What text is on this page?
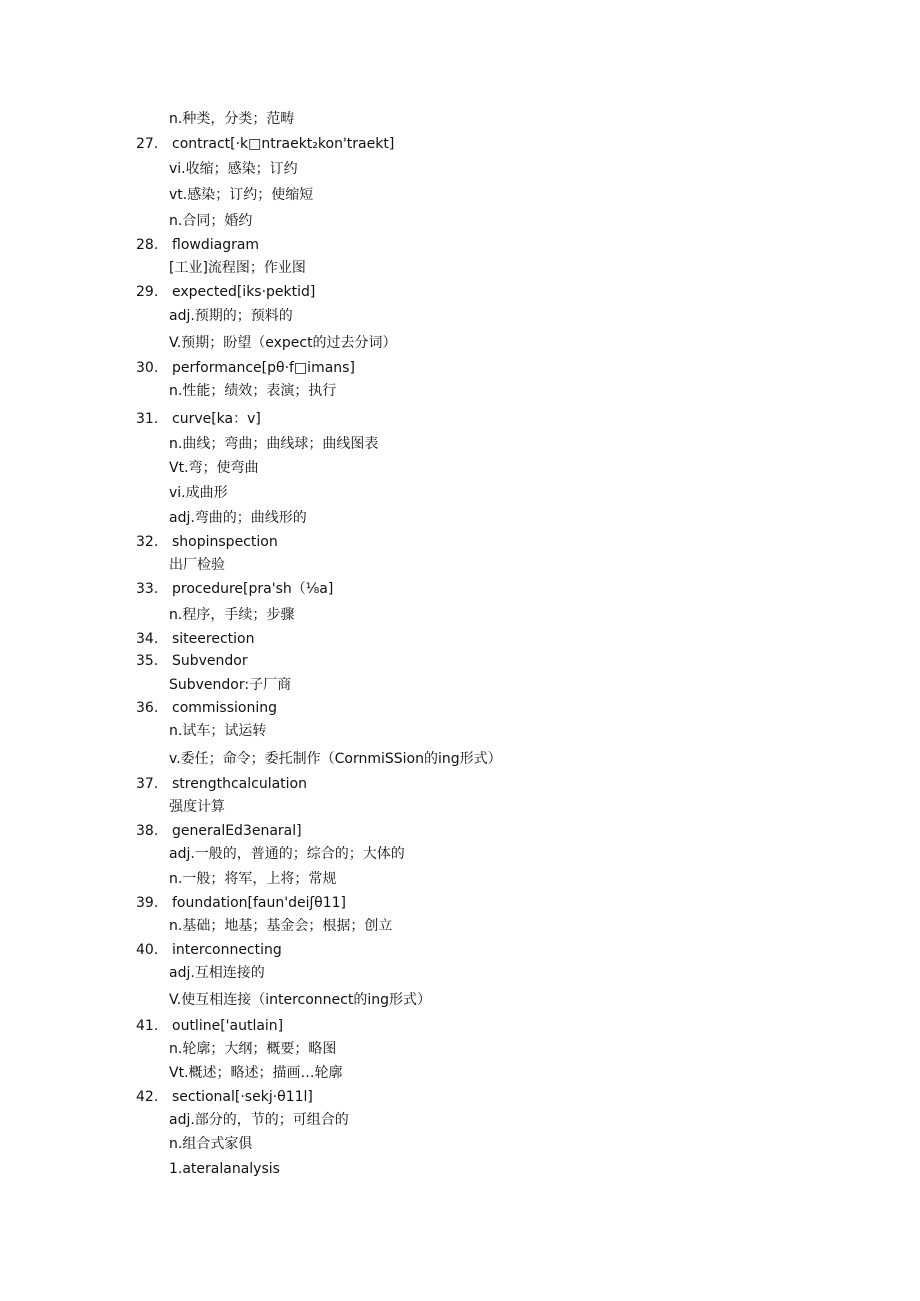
n.种类，分类；范畴
27. contract[·k□ntraekt₂kon'traekt]
vi.收缩；感染；订约
vt.感染；订约；使缩短
n.合同；婚约
28. flowdiagram
[工业]流程图；作业图
29. expected[iks·pektid]
adj.预期的；预料的
V.预期；盼望（expect的过去分词）
30. performance[pθ·f□imans]
n.性能；绩效；表演；执行
31. curve[ka：v]
n.曲线；弯曲；曲线球；曲线图表
Vt.弯；使弯曲
vi.成曲形
adj.弯曲的；曲线形的
32. shopinspection
出厂检验
33. procedure[pra'sh（⅛a]
n.程序，手续；步骤
34. siteerection
35. Subvendor
Subvendor:子厂商
36. commissioning
n.试车；试运转
v.委任；命令；委托制作（CornmiSSion的ing形式）
37. strengthcalculation
强度计算
38. generalEd3enaral]
adj.一般的，普通的；综合的；大体的
n.一般；将军，上将；常规
39. foundation[faun'deiʃθ11]
n.基础；地基；基金会；根据；创立
40. interconnecting
adj.互相连接的
V.使互相连接（interconnect的ing形式）
41. outline['autlain]
n.轮廓；大纲；概要；略图
Vt.概述；略述；描画…轮廓
42. sectional[·sekj·θ11l]
adj.部分的，节的；可组合的
n.组合式家俱
1.ateralanalysis
